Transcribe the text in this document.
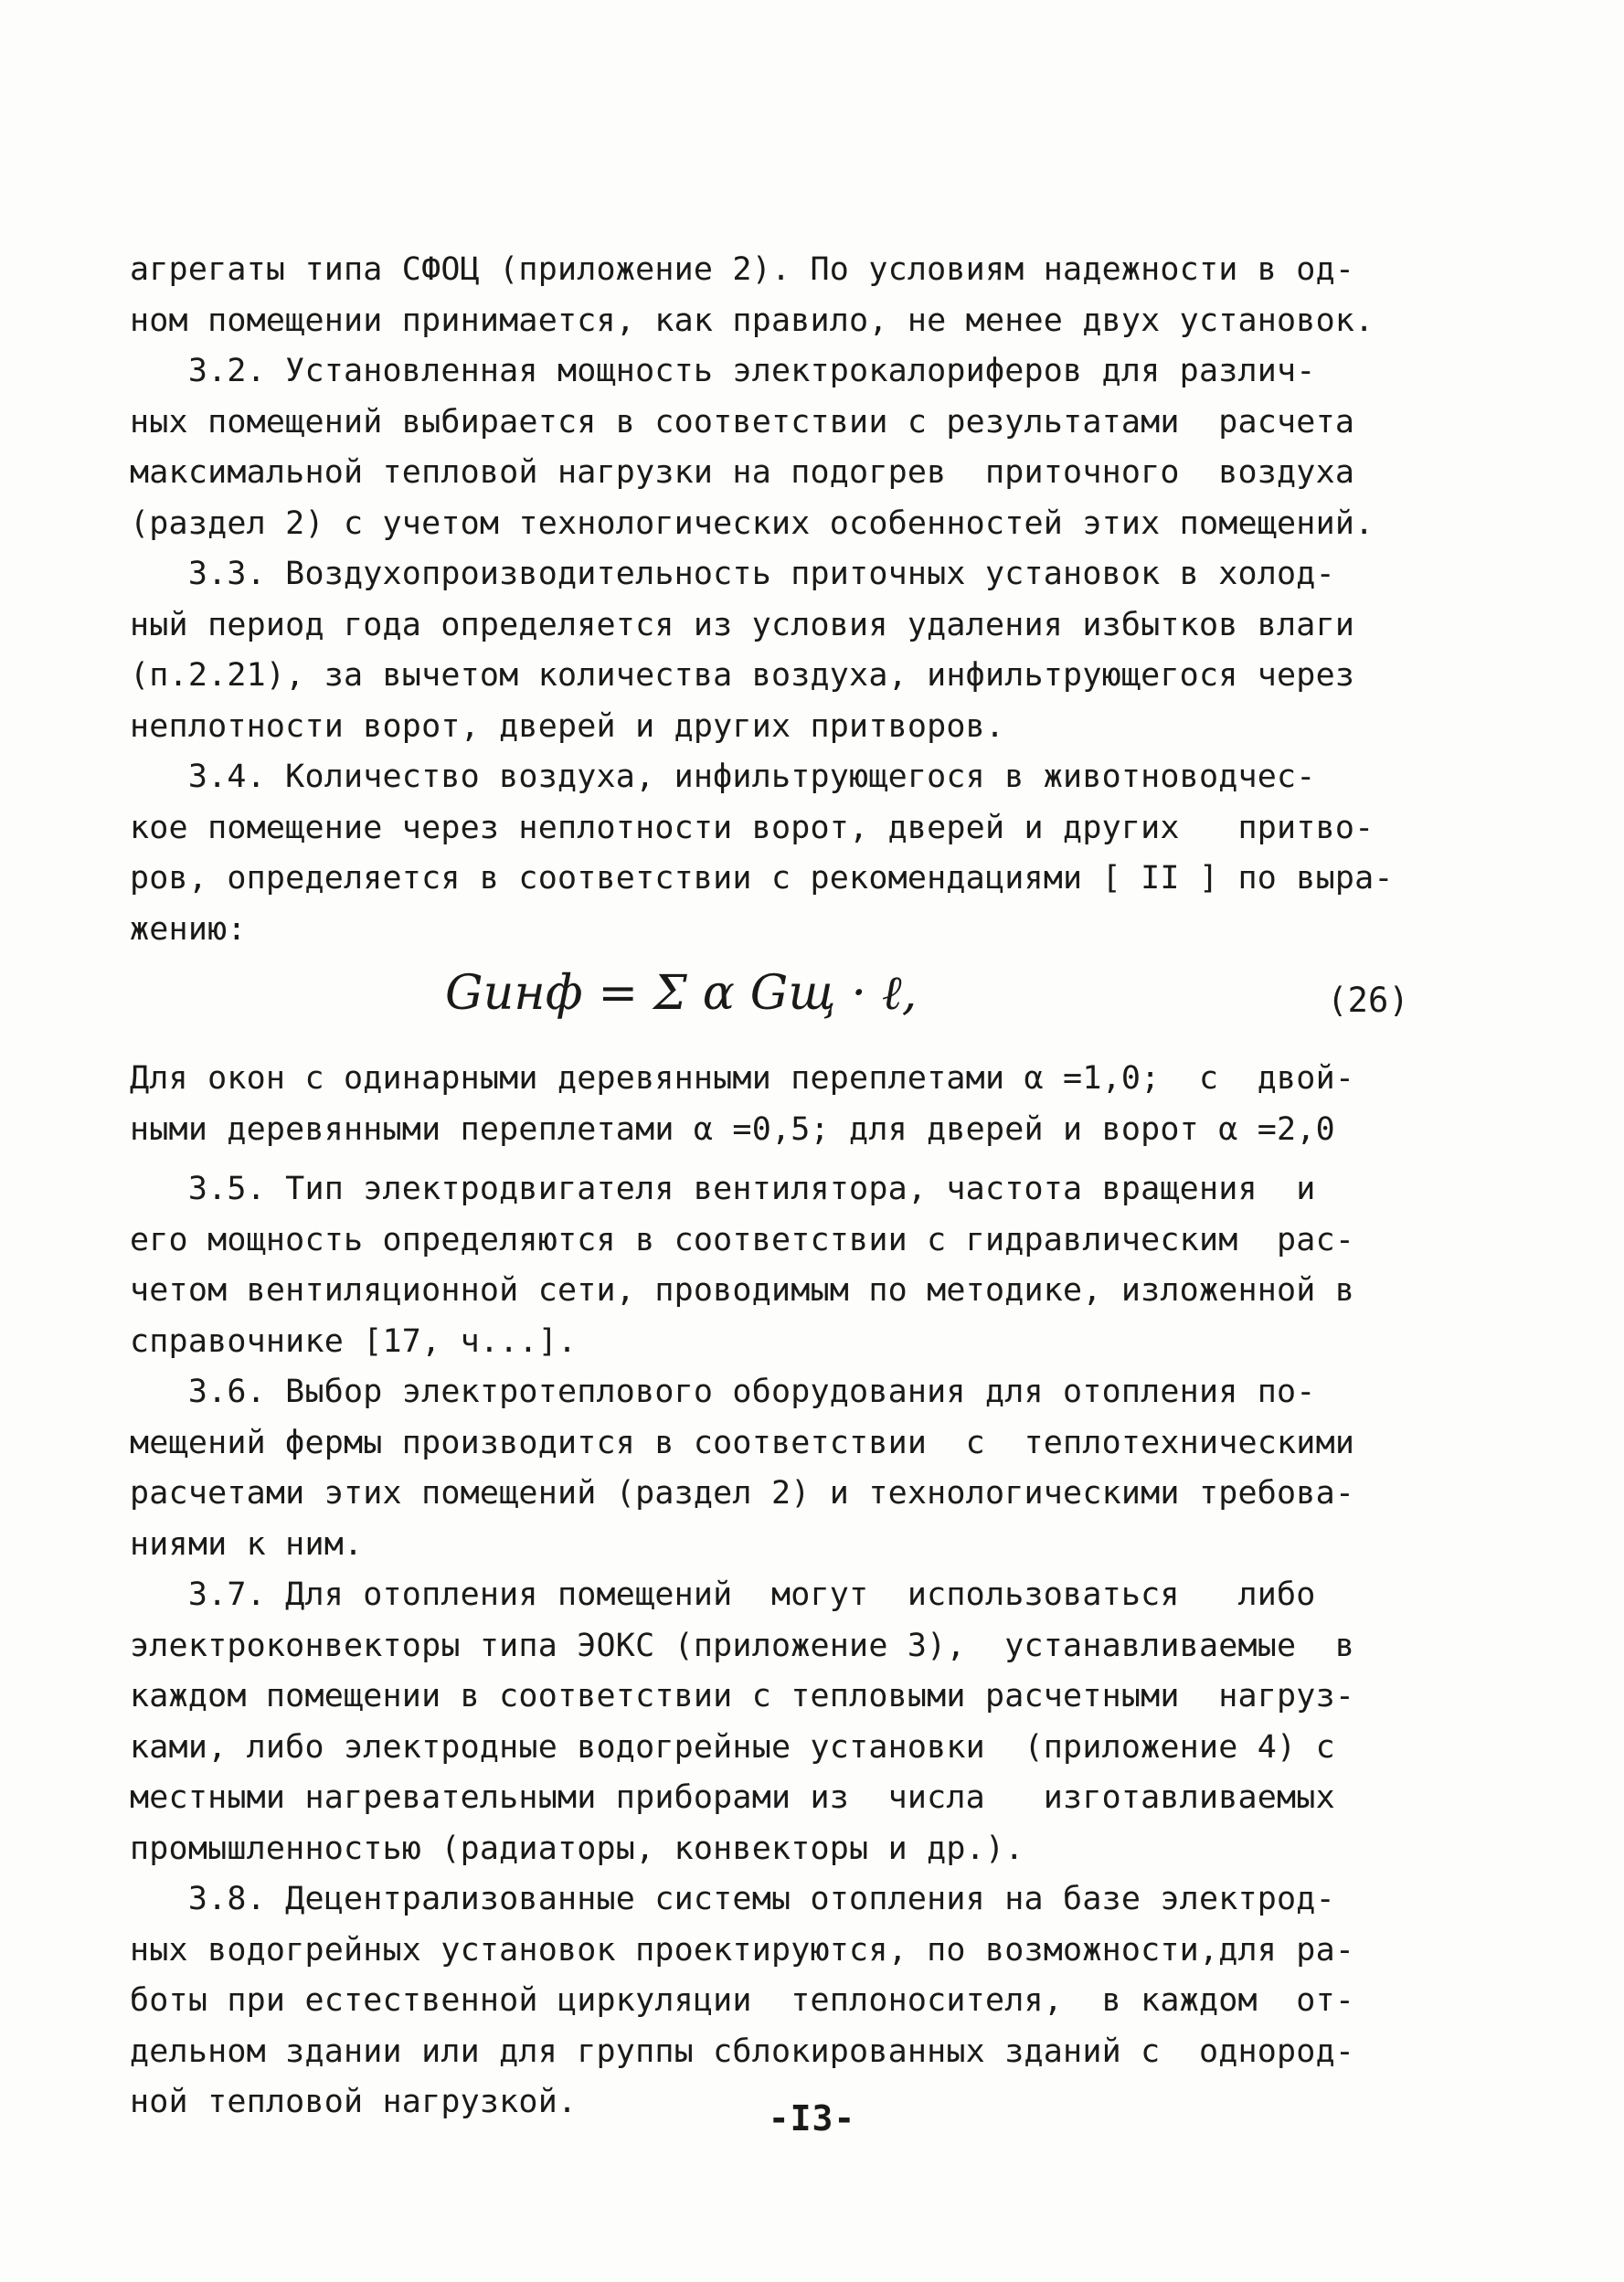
агрегаты типа СФОЦ (приложение 2). По условиям надежности в од-
ном помещении принимается, как правило, не менее двух установок.
3.2. Установленная мощность электрокалориферов для различ-
ных помещений выбирается в соответствии с результатами  расчета
максимальной тепловой нагрузки на подогрев  приточного  воздуха
(раздел 2) с учетом технологических особенностей этих помещений.
3.3. Воздухопроизводительность приточных установок в холод-
ный период года определяется из условия удаления избытков влаги
(п.2.21), за вычетом количества воздуха, инфильтрующегося через
неплотности ворот, дверей и других притворов.
3.4. Количество воздуха, инфильтрующегося в животноводчес-
кое помещение через неплотности ворот, дверей и других   притво-
ров, определяется в соответствии с рекомендациями [ II ] по выра-
жению:
Gинф = Σ α Gщ · ℓ,	(26)
Для окон с одинарными деревянными переплетами α =1,0;  с  двой-
ными деревянными переплетами α =0,5; для дверей и ворот α =2,0
3.5. Тип электродвигателя вентилятора, частота вращения  и
его мощность определяются в соответствии с гидравлическим  рас-
четом вентиляционной сети, проводимым по методике, изложенной в
справочнике [17, ч...].
3.6. Выбор электротеплового оборудования для отопления по-
мещений фермы производится в соответствии  с  теплотехническими
расчетами этих помещений (раздел 2) и технологическими требова-
ниями к ним.
3.7. Для отопления помещений  могут  использоваться   либо
электроконвекторы типа ЭОКС (приложение 3),  устанавливаемые  в
каждом помещении в соответствии с тепловыми расчетными  нагруз-
ками, либо электродные водогрейные установки  (приложение 4) с
местными нагревательными приборами из  числа   изготавливаемых
промышленностью (радиаторы, конвекторы и др.).
3.8. Децентрализованные системы отопления на базе электрод-
ных водогрейных установок проектируются, по возможности,для ра-
боты при естественной циркуляции  теплоносителя,  в каждом  от-
дельном здании или для группы сблокированных зданий с  однород-
ной тепловой нагрузкой.	-I3-
